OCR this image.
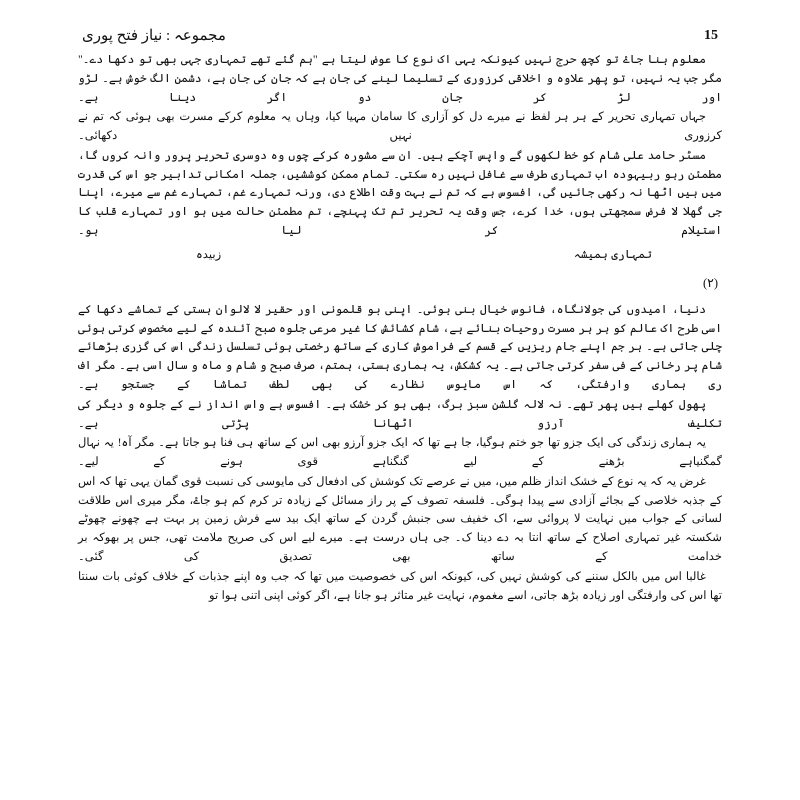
مجموعہ : نیاز فتح پوری	15

معلوم ہنا جاۓ تو کچھ حرج نہیں کیونکہ یہی اک نوع کا عوض لیتا ہے "ہم گئے تھے تمہاری جہی بھی تو دکھا دے۔" مگر جب یہ نہیں، تو پھر علاوہ و اخلاقی کرزوری کے تسلیما لینے کی جان ہے کہ جان کی جان ہے، دشمن الگ خوش ہے۔ لڑو اور لڑ کر جان دو اگر دینا ہے۔

جہاں تمہاری تحریر کے ہر ہر لفظ نے میرے دل کو آزاری کا سامان مہیا کیا، وہاں یہ معلوم کرکے مسرت بھی ہوئی کہ تم نے کرزوری نہیں دکھائی۔

مسٹر حامد علی شام کو خط لکھوں گے واپس آچکے ہیں۔ ان سے مشورہ کرکے چوں وہ دوسری تحریر پرور وانہ کروں گا، مطمئن رہو ربیہودہ اب تمہاری طرف سے غافل نہیں رہ سکتی۔ تمام ممکن کوششیں، جملہ امکانی تدابیر جو اس کی قدرت میں ہیں اٹھا نہ رکھی جائیں گی، افسوس ہے کہ تم نے بہت وقت اطلاع دی، ورنہ تمہارے غم، تمہارے غم سے میرے، اپنا جی گھلا لا فرض سمجھتی ہوں، خدا کرے، جس وقت یہ تحریر تم تک پہنچے، تم مطمئن حالت میں ہو اور تمہارے قلب کا استیلام کر لیا ہو۔

تمہاری ہمیشہ
زبیدہ
(۲)

دنیا، امیدوں کی جولانگاہ، فانوس خیال بنی ہوئی۔ اپنی بو قلمونی اور حقیر لا لالوان ہستی کے تماشے دکھا کے اسی طرح اک عالم کو ہر ہر مسرت روحیات بنائے ہے، شام کشائش کا غیر مرعی جلوہ صبح آئندہ کے لیے مخصوص کرتی ہوئی چلی جاتی ہے۔ ہر جم اپنے جام ریزیں کے قسم کے فراموش کاری کے ساتھ رخصتی ہوئی تسلسل زندگی اس کی گزری بڑھائے شام پر رخانی کے فی سفر کرتی جاتی ہے۔ یہ کشکش، یہ ہماری ہستی، ہمتم، صرف صبح و شام و ماہ و سال اسی ہے۔ مگر اف ری ہماری وارفتگی، کہ اس مایوس نظارے کی بھی لطف تماشا کے جستجو ہے۔

پھول کھلے ہیں پھر تھے۔ نہ لالہ گلشن سبز برگ، بھی ہو کر خشک ہے۔ افسوس ہے واس انداز نے کے جلوہ و دیگر کی تکلیف آرزو اٹھانا پڑتی ہے۔

یہ ہماری زندگی کی ایک جزو تھا جو ختم ہوگیا، جا ہے تھا کہ ایک جزو آرزو بھی اس کے ساتھ ہی فنا ہو جاتا ہے۔ مگر آہ! یہ نہال گمگنیاہے بڑھنے کے لیے گنگناہے قوی ہونے کے لیے۔

غرض یہ کہ یہ نوع کے خشک انداز ظلم میں، میں نے عرصے تک کوشش کی ادفعال کی مایوسی کی نسبت قوی گمان یہی تھا کہ اس کے جذبہ خلاصی کے بجائے آزادی سے پیدا ہوگی۔ فلسفہ تصوف کے پر راز مسائل کے زیادہ تر کرم کم ہو جاۓ، مگر میری اس طلاقت لسانی کے جواب میں نہایت لا پروائی سے، اک خفیف سی جنبش گردن کے ساتھ ایک بید سے فرش زمین پر بہت ہے چھونے چھوٹے شکستہ غیر تمہاری اصلاح کے ساتھ انتا بہ دے دینا ک۔ جی ہاں درست ہے۔ میرے لیے اس کی صریح ملامت تھی، جس پر بھوکہ بر خدامت کے ساتھ بھی تصدیق کی گئی۔

غالبا اس میں بالکل سننے کی کوشش نہیں کی، کیونکہ اس کی خصوصیت میں تھا کہ جب وہ اپنے جذبات کے خلاف کوئی بات سنتا تھا اس کی وارفتگی اور زیادہ بڑھ جاتی، اسے مغموم، نہایت غیر متاثر ہو جانا ہے، اگر کوئی اپنی اتنی ہوا تو
